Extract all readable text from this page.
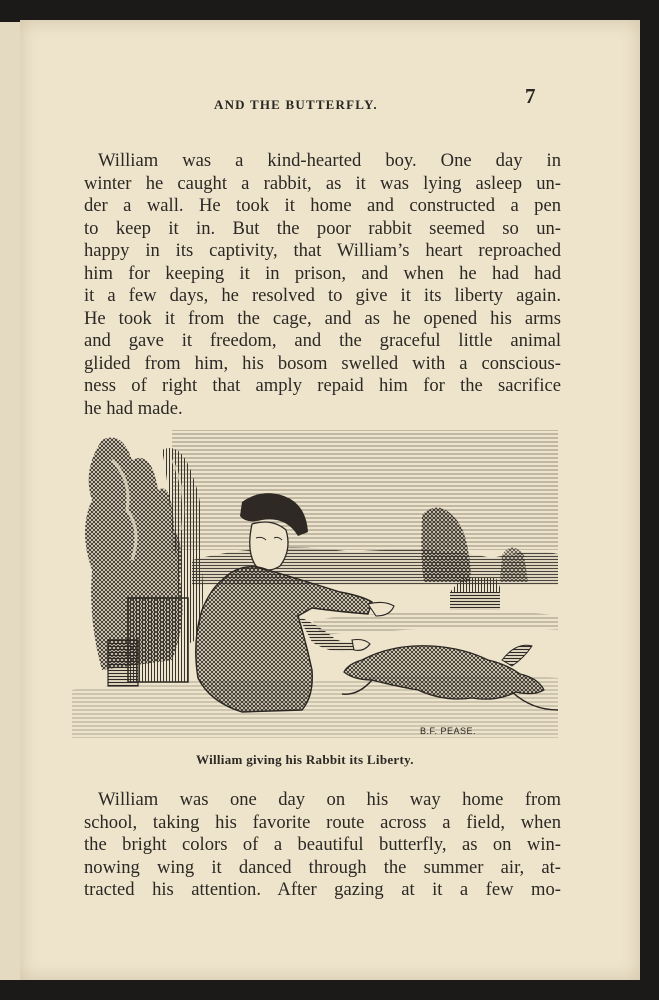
AND THE BUTTERFLY.	7
William was a kind-hearted boy. One day in
winter he caught a rabbit, as it was lying asleep un-
der a wall. He took it home and constructed a pen
to keep it in. But the poor rabbit seemed so un-
happy in its captivity, that William’s heart reproached
him for keeping it in prison, and when he had had
it a few days, he resolved to give it its liberty again.
He took it from the cage, and as he opened his arms
and gave it freedom, and the graceful little animal
glided from him, his bosom swelled with a conscious-
ness of right that amply repaid him for the sacrifice
he had made.
B.F. PEASE.
William giving his Rabbit its Liberty.
William was one day on his way home from
school, taking his favorite route across a field, when
the bright colors of a beautiful butterfly, as on win-
nowing wing it danced through the summer air, at-
tracted his attention. After gazing at it a few mo-
